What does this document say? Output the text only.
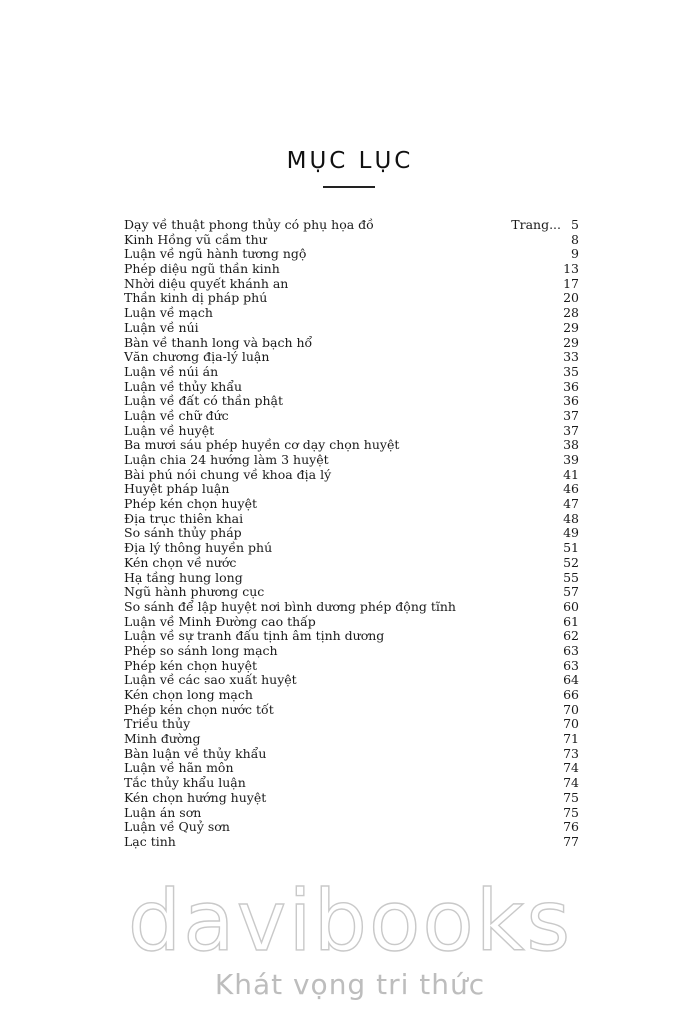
MỤC LỤC
Dạy về thuật phong thủy có phụ họa đồ	Trang... 5
Kinh Hồng vũ cầm thư	8
Luận về ngũ hành tương ngộ	9
Phép diệu ngũ thần kinh	13
Nhời diệu quyết khánh an	17
Thần kinh dị pháp phú	20
Luận về mạch	28
Luận về núi	29
Bàn về thanh long và bạch hổ	29
Văn chương địa-lý luận	33
Luận về núi án	35
Luận về thủy khẩu	36
Luận về đất có thần phật	36
Luận về chữ đức	37
Luận về huyệt	37
Ba mươi sáu phép huyền cơ dạy chọn huyệt	38
Luận chia 24 hướng làm 3 huyệt	39
Bài phú nói chung về khoa địa lý	41
Huyệt pháp luận	46
Phép kén chọn huyệt	47
Địa trục thiên khai	48
So sánh thủy pháp	49
Địa lý thông huyền phú	51
Kén chọn về nước	52
Hạ tầng hung long	55
Ngũ hành phương cục	57
So sánh để lập huyệt nơi bình dương phép động tĩnh	60
Luận về Minh Đường cao thấp	61
Luận về sự tranh đấu tịnh âm tịnh dương	62
Phép so sánh long mạch	63
Phép kén chọn huyệt	63
Luận về các sao xuất huyệt	64
Kén chọn long mạch	66
Phép kén chọn nước tốt	70
Triều thủy	70
Minh đường	71
Bàn luận về thủy khẩu	73
Luận về hãn môn	74
Tắc thủy khẩu luận	74
Kén chọn hướng huyệt	75
Luận án sơn	75
Luận về Quỷ sơn	76
Lạc tinh	77
davibooks
Khát vọng tri thức
